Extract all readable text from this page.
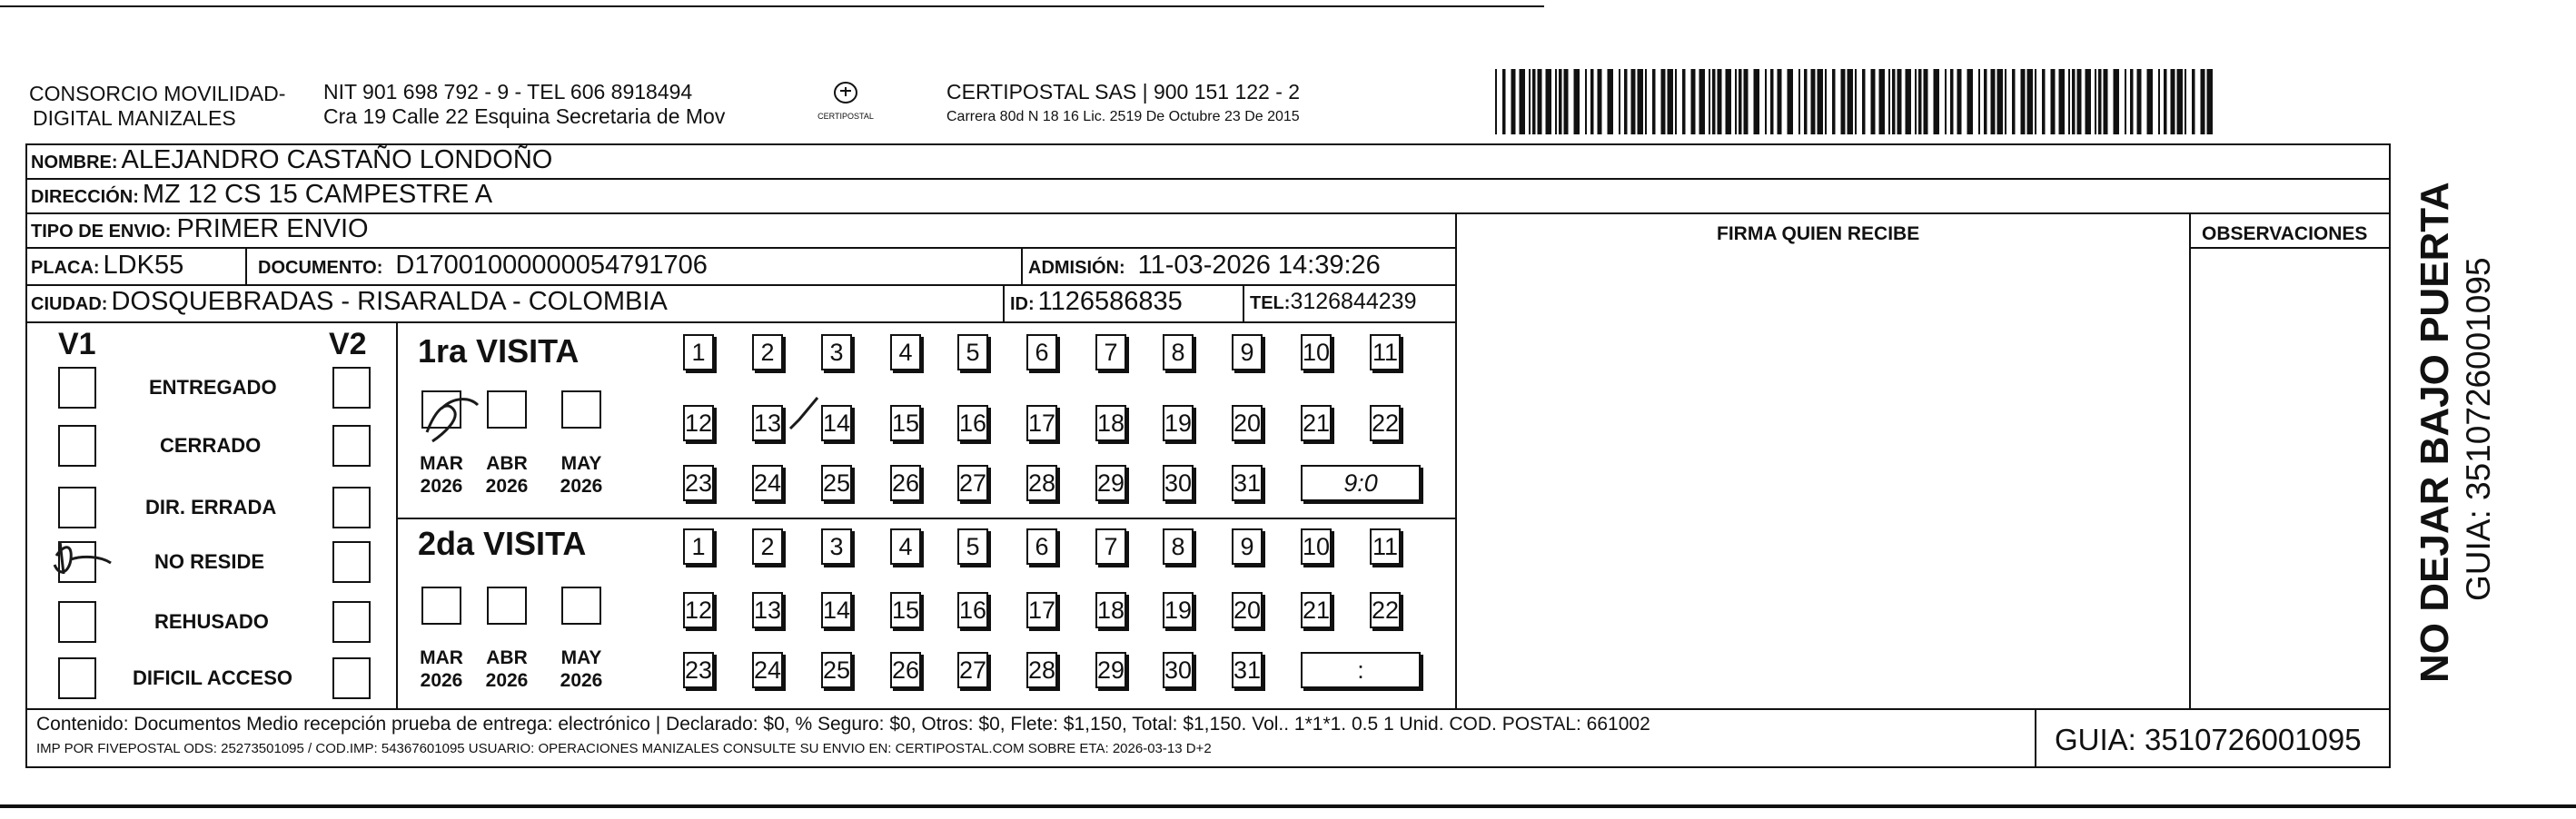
CONSORCIO MOVILIDAD-
DIGITAL MANIZALES
NIT 901 698 792 - 9 - TEL 606 8918494
Cra 19 Calle 22 Esquina Secretaria de Mov	CERTIPOSTAL
CERTIPOSTAL SAS | 900 151 122 - 2
Carrera 80d N 18 16 Lic. 2519 De Octubre 23 De 2015
NOMBRE: ALEJANDRO CASTAÑO LONDOÑO
DIRECCIÓN: MZ 12 CS 15 CAMPESTRE A
TIPO DE ENVIO: PRIMER ENVIO
PLACA: LDK55	DOCUMENTO: D17001000000054791706	ADMISIÓN: 11-03-2026 14:39:26
CIUDAD: DOSQUEBRADAS - RISARALDA - COLOMBIA	ID: 1126586835	TEL: 3126844239
FIRMA QUIEN RECIBE	OBSERVACIONES
V1	V2
ENTREGADO
CERRADO
DIR. ERRADA
NO RESIDE
REHUSADO
DIFICIL ACCESO
1ra VISITA
2da VISITA
MAR
2026
ABR
2026
MAY
2026
MAR
2026
ABR
2026
MAY
2026
1	2	3	4	5	6	7	8	9	10 11
12 13 14 15 16 17 18 19 20 21 22
23 24 25 26 27 28 29 30 31	9:0
1	2	3	4	5	6	7	8	9	10 11
12 13 14 15 16 17 18 19 20 21 22
23 24 25 26 27 28 29 30 31	:
Contenido: Documentos Medio recepción prueba de entrega: electrónico | Declarado: $0, % Seguro: $0, Otros: $0, Flete: $1,150, Total: $1,150. Vol.. 1*1*1. 0.5 1 Unid. COD. POSTAL: 661002
IMP POR FIVEPOSTAL ODS: 25273501095 / COD.IMP: 54367601095 USUARIO: OPERACIONES MANIZALES CONSULTE SU ENVIO EN: CERTIPOSTAL.COM SOBRE ETA: 2026-03-13 D+2	GUIA: 3510726001095
NO DEJAR BAJO PUERTA GUIA: 3510726001095
